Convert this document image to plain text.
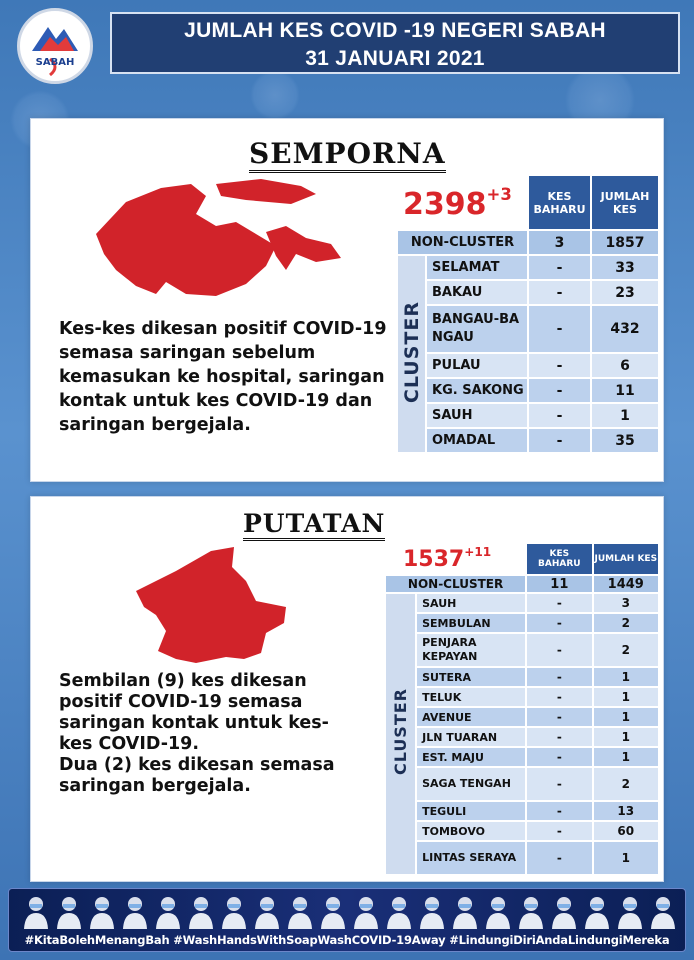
SABAH
JUMLAH KES COVID -19 NEGERI SABAH
31 JANUARI 2021
SEMPORNA
$2398^{+3}$
Kes-kes dikesan positif COVID-19 semasa saringan sebelum kemasukan ke hospital, saringan kontak untuk kes COVID-19 dan saringan bergejala.
		KES BAHARU	JUMLAH KES
NON-CLUSTER		3	1857
CLUSTER	SELAMAT	-	33
	BAKAU	-	23
	BANGAU-BANGAU	-	432
	PULAU	-	6
	KG. SAKONG	-	11
	SAUH	-	1
	OMADAL	-	35
PUTATAN
$1537^{+11}$
Sembilan (9) kes dikesan positif COVID-19 semasa saringan kontak untuk kes-kes COVID-19.
Dua (2) kes dikesan semasa saringan bergejala.
		KES BAHARU	JUMLAH KES
NON-CLUSTER		11	1449
CLUSTER	SAUH	-	3
	SEMBULAN	-	2
	PENJARA KEPAYAN	-	2
	SUTERA	-	1
	TELUK	-	1
	AVENUE	-	1
	JLN TUARAN	-	1
	EST. MAJU	-	1
	SAGA TENGAH	-	2
	TEGULI	-	13
	TOMBOVO	-	60
	LINTAS SERAYA	-	1
#KitaBolehMenangBah #WashHandsWithSoapWashCOVID-19Away #LindungiDiriAndaLindungiMereka
